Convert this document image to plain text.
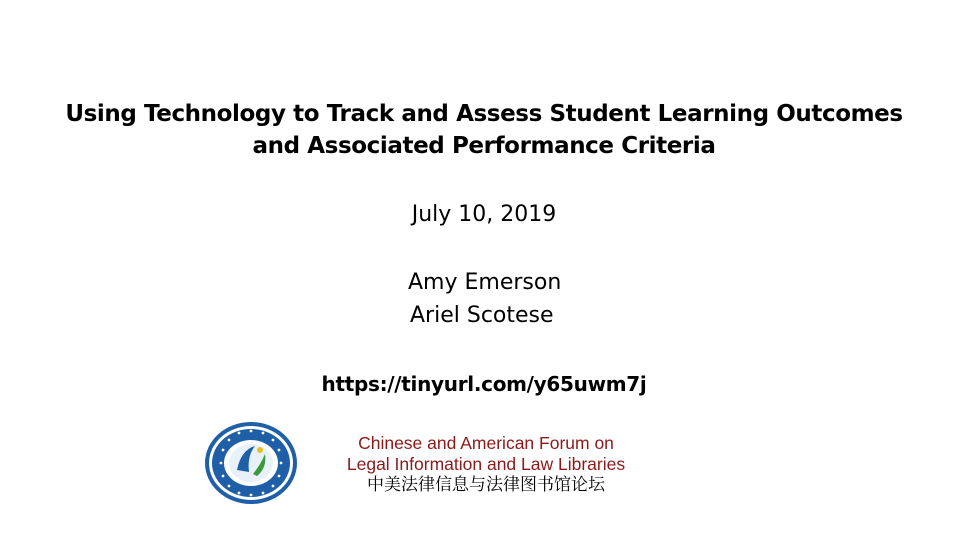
Using Technology to Track and Assess Student Learning Outcomes
and Associated Performance Criteria
July 10, 2019
Amy Emerson
Ariel Scotese
https://tinyurl.com/y65uwm7j
Chinese and American Forum on
Legal Information and Law Libraries
中美法律信息与法律图书馆论坛
